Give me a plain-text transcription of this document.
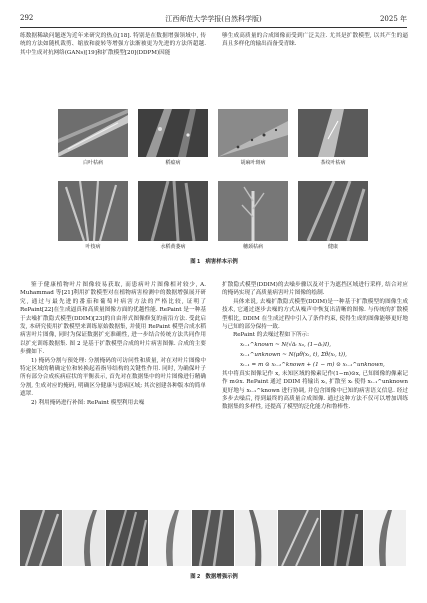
292	江西师范大学学报(自然科学版)	2025 年

练数据稀缺问题逐为近年来研究的热点[18]. 特别是在数据增强领域中, 传统的方法如随机裁剪、缩放和旋转等增强方法渐被更为先进的方法所超越. 其中生成对抗网络(GANs)[19]和扩散模型[20](DDPM)因能

够生成高质量的合成图像而受到广泛关注. 尤其是扩散模型, 以其产生的逼真且多样化的输出而备受青睐.

白叶枯病	稻瘟病	胡麻叶斑病	茶纹叶枯病
叶枝病	水稻黄萎病	穗颈枯病	健康
图 1　病害样本示例

鉴于健康植物叶片图像较易获取, 而患病叶片图像相对较少, A. Muhammad 等[21]利用扩散模型对在植物病害检测中的数据增强展开研究, 通过与最先进的番茄和葡萄叶病害方法的严格比较, 证明了 RePaint[22]在生成逼真和高质量图像方面的优越性能. RePaint 是一种基于去噪扩散隐式模型(DDIM)[23]的自由形式图像修复的前沿方法. 受此启发, 本研究使用扩散模型来训练原始数据集, 并使用 RePaint 模型合成水稻病害叶片图像, 同时为保证数据扩充准确性, 进一步结合传统方法共同作用以扩充训练数据集. 图 2 是基于扩散模型合成的叶片病害图像. 合成的主要步骤如下.

1) 掩码分割与预处理: 分割掩码的可访问性和质量, 对在对叶片图像中特定区域的精确定位和转换起着指导结构的关键性作用. 同时, 为确保叶子所有部分合成疾病症状的平衡表示, 首先对在数据集中的叶片图像进行精确分割, 生成对应的掩码, 明确区分健康与患病区域; 其次创建各种版本的简单遮罩.

2) 利用掩码进行补图: RePaint 模型利用去噪

扩散隐式模型(DDIM)的去噪步骤以及对于为遮挡区域进行采样, 结合对应的掩码实现了高质量病害叶片图像的绘制.

具体来说, 去噪扩散隐式模型(DDIM)是一种基于扩散模型的图像生成技术, 它通过逐步去噪的方式从噪声中恢复出清晰的图像. 与传统的扩散模型相比, DDIM 在生成过程中引入了条件约束, 使得生成的图像能够更好地与已知的部分保持一致.

RePaint 的去噪过程如下所示:

xₜ₋₁^known ~ N(√āₜ x₀, (1−āₜ)I),
xₜ₋₁^unknown ~ N(μθ(xₜ, t), Σθ(xₜ, t)),
xₜ₋₁ = m ⊙ xₜ₋₁^known + (1 − m) ⊙ xₜ₋₁^unknown,

其中将真实图像记作 x, 未知区域的像素记作(1−m)⊙x, 已知图像的像素记作 m⊙x. RePaint 通过 DDIM 将输出 xₜ, 扩散至 xₜ 使得 xₜ₋₁^unknown 更好地与 xₜ₋₁^known 进行协调, 并包含图像中已知的病害语义信息. 经过多步去噪后, 得到最终的高质量合成图像. 通过这种方法不仅可以增加训练数据集的多样性, 还提高了模型的泛化能力和鲁棒性.

图 2　数据增强示例
